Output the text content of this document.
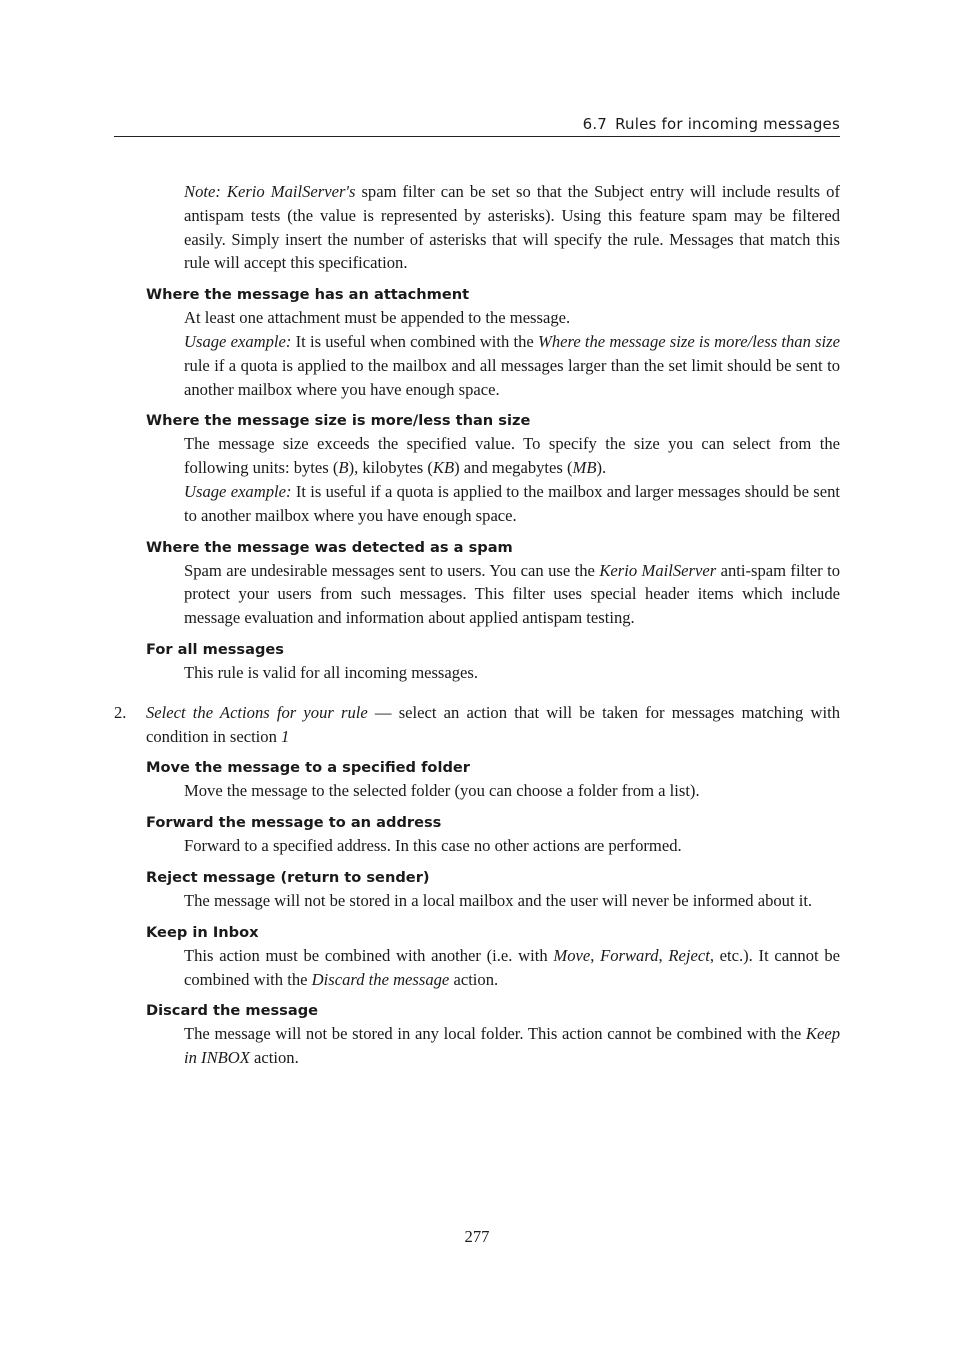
6.7 Rules for incoming messages
Note: Kerio MailServer's spam filter can be set so that the Subject entry will include results of antispam tests (the value is represented by asterisks). Using this feature spam may be filtered easily. Simply insert the number of asterisks that will specify the rule. Messages that match this rule will accept this specification.
Where the message has an attachment
At least one attachment must be appended to the message.
Usage example: It is useful when combined with the Where the message size is more/less than size rule if a quota is applied to the mailbox and all messages larger than the set limit should be sent to another mailbox where you have enough space.
Where the message size is more/less than size
The message size exceeds the specified value. To specify the size you can select from the following units: bytes (B), kilobytes (KB) and megabytes (MB).
Usage example: It is useful if a quota is applied to the mailbox and larger messages should be sent to another mailbox where you have enough space.
Where the message was detected as a spam
Spam are undesirable messages sent to users. You can use the Kerio MailServer anti-spam filter to protect your users from such messages. This filter uses special header items which include message evaluation and information about applied antispam testing.
For all messages
This rule is valid for all incoming messages.
2.	Select the Actions for your rule — select an action that will be taken for messages matching with condition in section 1
Move the message to a specified folder
Move the message to the selected folder (you can choose a folder from a list).
Forward the message to an address
Forward to a specified address. In this case no other actions are performed.
Reject message (return to sender)
The message will not be stored in a local mailbox and the user will never be informed about it.
Keep in Inbox
This action must be combined with another (i.e. with Move, Forward, Reject, etc.). It cannot be combined with the Discard the message action.
Discard the message
The message will not be stored in any local folder. This action cannot be combined with the Keep in INBOX action.
277
